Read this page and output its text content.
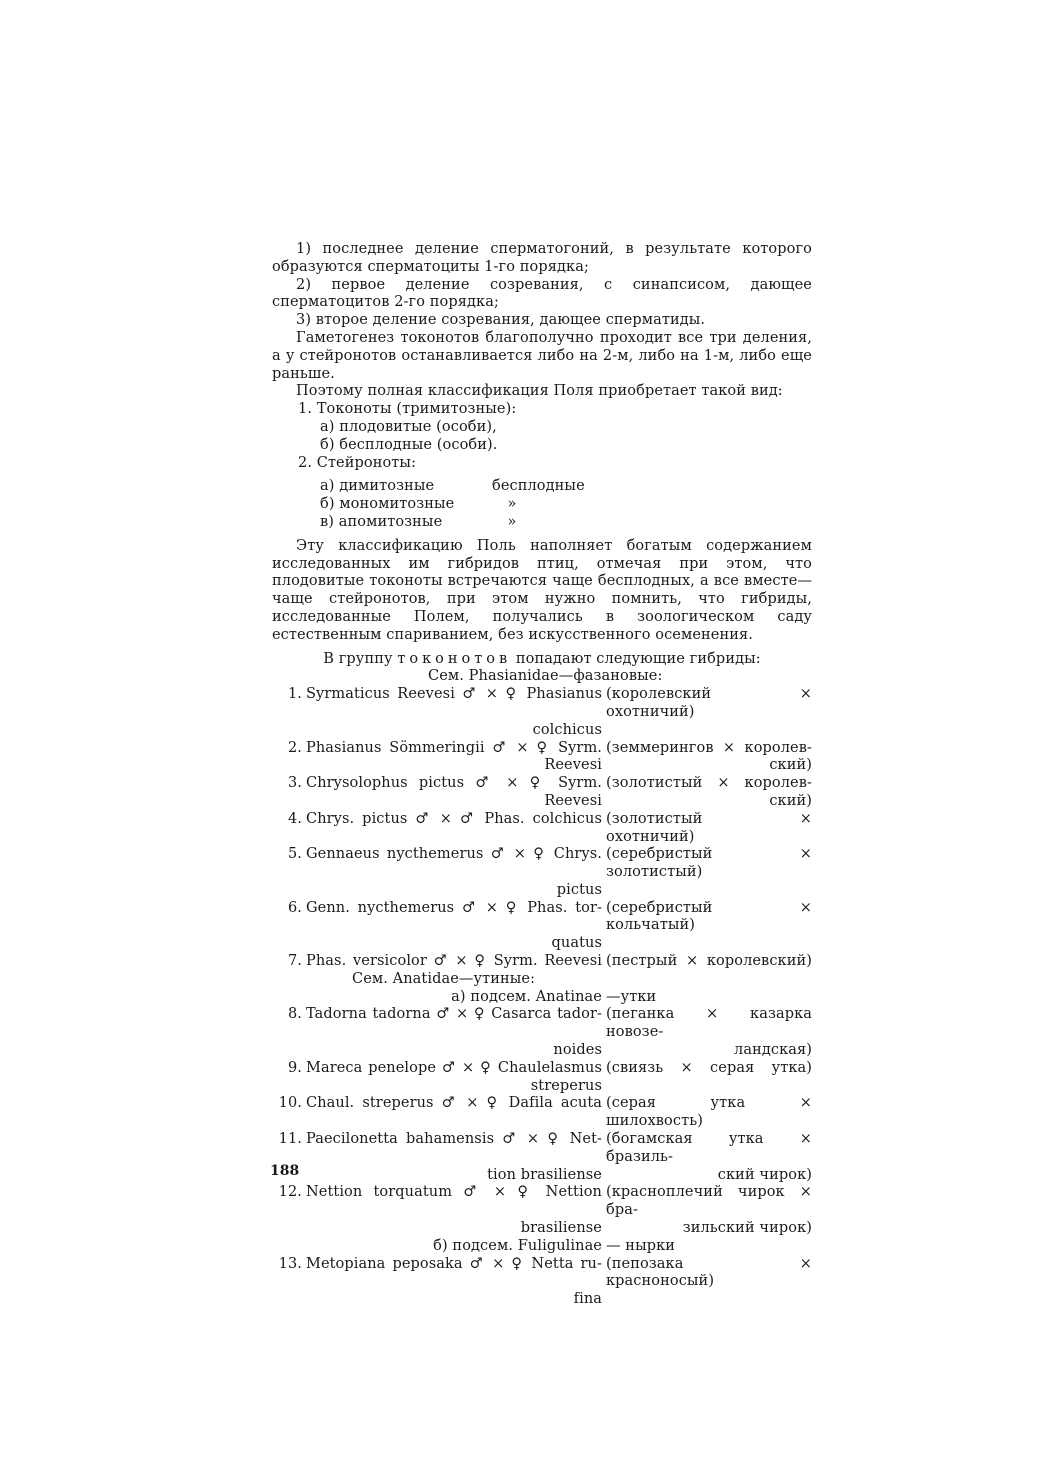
1) последнее деление сперматогоний, в результате которого образуются сперматоциты 1-го порядка;

2) первое деление созревания, с синапсисом, дающее сперматоцитов 2-го порядка;

3) второе деление созревания, дающее сперматиды.

Гаметогенез токонотов благополучно проходит все три деления, а у стейронотов останавливается либо на 2-м, либо на 1-м, либо еще раньше.

Поэтому полная классификация Поля приобретает такой вид:

1. Токоноты (тримитозные):
а) плодовитые (особи),
б) бесплодные (особи).
2. Стейроноты:
а) димитозные	бесплодные
б) мономитозные	»
в) апомитозные	»

Эту классификацию Поль наполняет богатым содержанием исследованных им гибридов птиц, отмечая при этом, что плодовитые токоноты встречаются чаще бесплодных, а все вместе—чаще стейронотов, при этом нужно помнить, что гибриды, исследованные Полем, получались в зоологическом саду естественным спариванием, без искусственного осеменения.

В группу токонотов попадают следующие гибриды:
Сем. Phasianidae—фазановые:
1. Syrmaticus Reevesi ♂ × ♀ Phasianus (королевский × охотничий)
colchicus
2. Phasianus Sömmeringii ♂ × ♀ Syrm. (земмерингов × королев-
Reevesi	ский)
3. Chrysolophus pictus ♂ × ♀ Syrm. (золотистый × королев-
Reevesi	ский)
4. Chrys. pictus ♂ × ♂ Phas. colchicus (золотистый × охотничий)
5. Gennaeus nycthemerus ♂ × ♀ Chrys. (серебристый × золотистый)
pictus
6. Genn. nycthemerus ♂ × ♀ Phas. tor- (серебристый × кольчатый)
quatus
7. Phas. versicolor ♂ × ♀ Syrm. Reevesi (пестрый × королевский)
Сем. Anatidae—утиные:
а) подсем. Anatinae —утки
8. Tadorna tadorna ♂ × ♀ Casarca tador- (пеганка × казарка новозе-
noides	ландская)
9. Mareca penelope ♂ × ♀ Chaulelasmus (свиязь × серая утка)
streperus
10. Chaul. streperus ♂ × ♀ Dafila acuta (серая утка × шилохвость)
11. Paecilonetta bahamensis ♂ × ♀ Net- (богамская утка × бразиль-
tion brasiliense	ский чирок)
12. Nettion torquatum ♂ × ♀ Nettion (краснoплечий чирок × бра-
brasiliense	зильский чирок)
б) подсем. Fuligulinae — нырки
13. Metopiana peposaka ♂ × ♀ Netta ru- (пепозака × красноносый)
fina
188
